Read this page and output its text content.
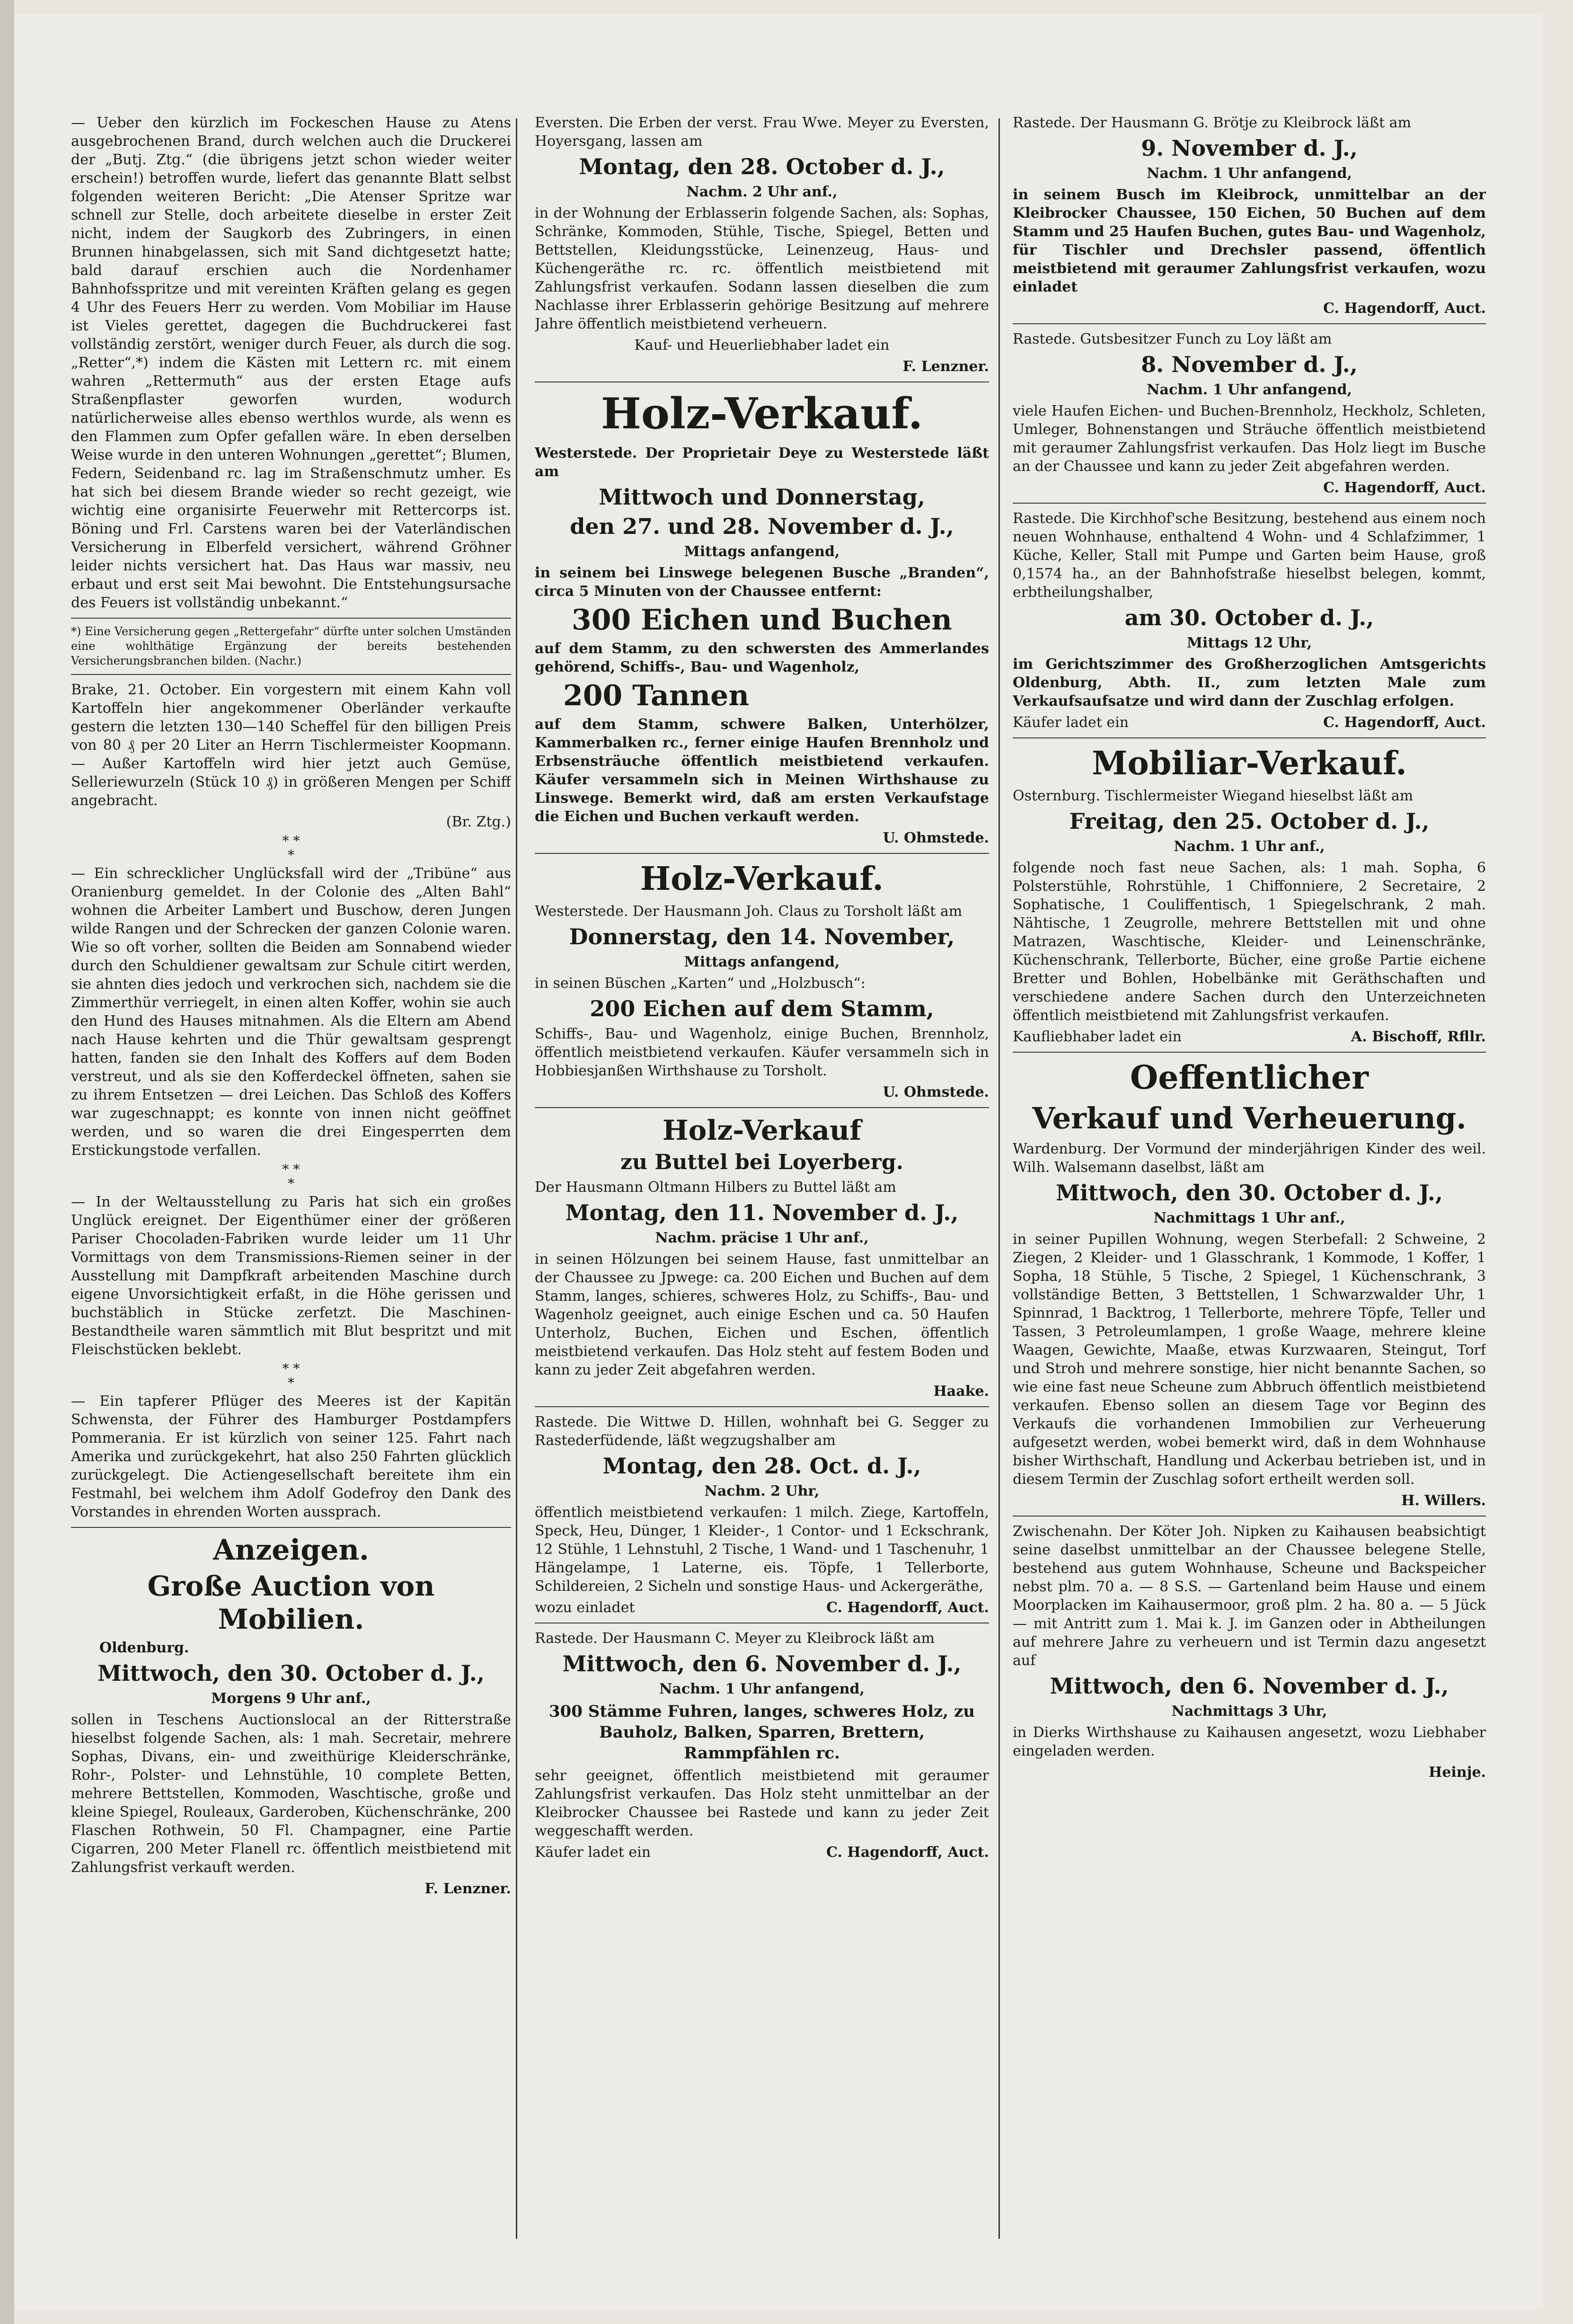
— Ueber den kürzlich im Fockeschen Hause zu Atens ausgebrochenen Brand, durch welchen auch die Druckerei der „Butj. Ztg.“ (die übrigens jetzt schon wieder weiter erschein!) betroffen wurde, liefert das genannte Blatt selbst folgenden weiteren Bericht: „Die Atenser Spritze war schnell zur Stelle, doch arbeitete dieselbe in erster Zeit nicht, indem der Saugkorb des Zubringers, in einen Brunnen hinabgelassen, sich mit Sand dichtgesetzt hatte; bald darauf erschien auch die Nordenhamer Bahnhofsspritze und mit vereinten Kräften gelang es gegen 4 Uhr des Feuers Herr zu werden. Vom Mobiliar im Hause ist Vieles gerettet, dagegen die Buchdruckerei fast vollständig zerstört, weniger durch Feuer, als durch die sog. „Retter“,*) indem die Kästen mit Lettern rc. mit einem wahren „Rettermuth“ aus der ersten Etage aufs Straßenpflaster geworfen wurden, wodurch natürlicherweise alles ebenso werthlos wurde, als wenn es den Flammen zum Opfer gefallen wäre. In eben derselben Weise wurde in den unteren Wohnungen „gerettet“; Blumen, Federn, Seidenband rc. lag im Straßenschmutz umher. Es hat sich bei diesem Brande wieder so recht gezeigt, wie wichtig eine organisirte Feuerwehr mit Rettercorps ist. Böning und Frl. Carstens waren bei der Vaterländischen Versicherung in Elberfeld versichert, während Gröhner leider nichts versichert hat. Das Haus war massiv, neu erbaut und erst seit Mai bewohnt. Die Entstehungsursache des Feuers ist vollständig unbekannt.“

*) Eine Versicherung gegen „Rettergefahr“ dürfte unter solchen Umständen eine wohlthätige Ergänzung der bereits bestehenden Versicherungsbranchen bilden. (Nachr.)

Brake, 21. October. Ein vorgestern mit einem Kahn voll Kartoffeln hier angekommener Oberländer verkaufte gestern die letzten 130—140 Scheffel für den billigen Preis von 80 ₰ per 20 Liter an Herrn Tischlermeister Koopmann. — Außer Kartoffeln wird hier jetzt auch Gemüse, Selleriewurzeln (Stück 10 ₰) in größeren Mengen per Schiff angebracht.

(Br. Ztg.)

* *
*

— Ein schrecklicher Unglücksfall wird der „Tribüne“ aus Oranienburg gemeldet. In der Colonie des „Alten Bahl“ wohnen die Arbeiter Lambert und Buschow, deren Jungen wilde Rangen und der Schrecken der ganzen Colonie waren. Wie so oft vorher, sollten die Beiden am Sonnabend wieder durch den Schuldiener gewaltsam zur Schule citirt werden, sie ahnten dies jedoch und verkrochen sich, nachdem sie die Zimmerthür verriegelt, in einen alten Koffer, wohin sie auch den Hund des Hauses mitnahmen. Als die Eltern am Abend nach Hause kehrten und die Thür gewaltsam gesprengt hatten, fanden sie den Inhalt des Koffers auf dem Boden verstreut, und als sie den Kofferdeckel öffneten, sahen sie zu ihrem Entsetzen — drei Leichen. Das Schloß des Koffers war zugeschnappt; es konnte von innen nicht geöffnet werden, und so waren die drei Eingesperrten dem Erstickungstode verfallen.

* *
*

— In der Weltausstellung zu Paris hat sich ein großes Unglück ereignet. Der Eigenthümer einer der größeren Pariser Chocoladen-Fabriken wurde leider um 11 Uhr Vormittags von dem Transmissions-Riemen seiner in der Ausstellung mit Dampfkraft arbeitenden Maschine durch eigene Unvorsichtigkeit erfaßt, in die Höhe gerissen und buchstäblich in Stücke zerfetzt. Die Maschinen-Bestandtheile waren sämmtlich mit Blut bespritzt und mit Fleischstücken beklebt.

* *
*

— Ein tapferer Pflüger des Meeres ist der Kapitän Schwensta, der Führer des Hamburger Postdampfers Pommerania. Er ist kürzlich von seiner 125. Fahrt nach Amerika und zurückgekehrt, hat also 250 Fahrten glücklich zurückgelegt. Die Actiengesellschaft bereitete ihm ein Festmahl, bei welchem ihm Adolf Godefroy den Dank des Vorstandes in ehrenden Worten aussprach.

Anzeigen.

Große Auction von Mobilien.

Oldenburg.

Mittwoch, den 30. October d. J.,

Morgens 9 Uhr anf.,

sollen in Teschens Auctionslocal an der Ritterstraße hieselbst folgende Sachen, als: 1 mah. Secretair, mehrere Sophas, Divans, ein- und zweithürige Kleiderschränke, Rohr-, Polster- und Lehnstühle, 10 complete Betten, mehrere Bettstellen, Kommoden, Waschtische, große und kleine Spiegel, Rouleaux, Garderoben, Küchenschränke, 200 Flaschen Rothwein, 50 Fl. Champagner, eine Partie Cigarren, 200 Meter Flanell rc. öffentlich meistbietend mit Zahlungsfrist verkauft werden.

F. Lenzner.

Eversten. Die Erben der verst. Frau Wwe. Meyer zu Eversten, Hoyersgang, lassen am

Montag, den 28. October d. J.,

Nachm. 2 Uhr anf.,

in der Wohnung der Erblasserin folgende Sachen, als: Sophas, Schränke, Kommoden, Stühle, Tische, Spiegel, Betten und Bettstellen, Kleidungsstücke, Leinenzeug, Haus- und Küchengeräthe rc. rc. öffentlich meistbietend mit Zahlungsfrist verkaufen. Sodann lassen dieselben die zum Nachlasse ihrer Erblasserin gehörige Besitzung auf mehrere Jahre öffentlich meistbietend verheuern.

Kauf- und Heuerliebhaber ladet ein

F. Lenzner.

Holz-Verkauf.

Westerstede. Der Proprietair Deye zu Westerstede läßt am

Mittwoch und Donnerstag,

den 27. und 28. November d. J.,

Mittags anfangend,

in seinem bei Linswege belegenen Busche „Branden“, circa 5 Minuten von der Chaussee entfernt:

300 Eichen und Buchen

auf dem Stamm, zu den schwersten des Ammerlandes gehörend, Schiffs-, Bau- und Wagenholz,

200 Tannen

auf dem Stamm, schwere Balken, Unterhölzer, Kammerbalken rc., ferner einige Haufen Brennholz und Erbsensträuche öffentlich meistbietend verkaufen. Käufer versammeln sich in Meinen Wirthshause zu Linswege. Bemerkt wird, daß am ersten Verkaufstage die Eichen und Buchen verkauft werden.

U. Ohmstede.

Holz-Verkauf.

Westerstede. Der Hausmann Joh. Claus zu Torsholt läßt am

Donnerstag, den 14. November,

Mittags anfangend,

in seinen Büschen „Karten“ und „Holzbusch“:

200 Eichen auf dem Stamm,

Schiffs-, Bau- und Wagenholz, einige Buchen, Brennholz, öffentlich meistbietend verkaufen. Käufer versammeln sich in Hobbiesjanßen Wirthshause zu Torsholt.

U. Ohmstede.

Holz-Verkauf

zu Buttel bei Loyerberg.

Der Hausmann Oltmann Hilbers zu Buttel läßt am

Montag, den 11. November d. J.,

Nachm. präcise 1 Uhr anf.,

in seinen Hölzungen bei seinem Hause, fast unmittelbar an der Chaussee zu Jpwege: ca. 200 Eichen und Buchen auf dem Stamm, langes, schieres, schweres Holz, zu Schiffs-, Bau- und Wagenholz geeignet, auch einige Eschen und ca. 50 Haufen Unterholz, Buchen, Eichen und Eschen, öffentlich meistbietend verkaufen. Das Holz steht auf festem Boden und kann zu jeder Zeit abgefahren werden.

Haake.

Rastede. Die Wittwe D. Hillen, wohnhaft bei G. Segger zu Rastederfüdende, läßt wegzugshalber am

Montag, den 28. Oct. d. J.,

Nachm. 2 Uhr,

öffentlich meistbietend verkaufen: 1 milch. Ziege, Kartoffeln, Speck, Heu, Dünger, 1 Kleider-, 1 Contor- und 1 Eckschrank, 12 Stühle, 1 Lehnstuhl, 2 Tische, 1 Wand- und 1 Taschenuhr, 1 Hängelampe, 1 Laterne, eis. Töpfe, 1 Tellerborte, Schildereien, 2 Sicheln und sonstige Haus- und Ackergeräthe,

wozu einladet	C. Hagendorff, Auct.

Rastede. Der Hausmann C. Meyer zu Kleibrock läßt am

Mittwoch, den 6. November d. J.,

Nachm. 1 Uhr anfangend,

300 Stämme Fuhren, langes, schweres Holz, zu Bauholz, Balken, Sparren, Brettern, Rammpfählen rc.

sehr geeignet, öffentlich meistbietend mit geraumer Zahlungsfrist verkaufen. Das Holz steht unmittelbar an der Kleibrocker Chaussee bei Rastede und kann zu jeder Zeit weggeschafft werden.

Käufer ladet ein	C. Hagendorff, Auct.

Rastede. Der Hausmann G. Brötje zu Kleibrock läßt am

9. November d. J.,

Nachm. 1 Uhr anfangend,

in seinem Busch im Kleibrock, unmittelbar an der Kleibrocker Chaussee, 150 Eichen, 50 Buchen auf dem Stamm und 25 Haufen Buchen, gutes Bau- und Wagenholz, für Tischler und Drechsler passend, öffentlich meistbietend mit geraumer Zahlungsfrist verkaufen, wozu einladet

C. Hagendorff, Auct.

Rastede. Gutsbesitzer Funch zu Loy läßt am

8. November d. J.,

Nachm. 1 Uhr anfangend,

viele Haufen Eichen- und Buchen-Brennholz, Heckholz, Schleten, Umleger, Bohnenstangen und Sträuche öffentlich meistbietend mit geraumer Zahlungsfrist verkaufen. Das Holz liegt im Busche an der Chaussee und kann zu jeder Zeit abgefahren werden.

C. Hagendorff, Auct.

Rastede. Die Kirchhof'sche Besitzung, bestehend aus einem noch neuen Wohnhause, enthaltend 4 Wohn- und 4 Schlafzimmer, 1 Küche, Keller, Stall mit Pumpe und Garten beim Hause, groß 0,1574 ha., an der Bahnhofstraße hieselbst belegen, kommt, erbtheilungshalber,

am 30. October d. J.,

Mittags 12 Uhr,

im Gerichtszimmer des Großherzoglichen Amtsgerichts Oldenburg, Abth. II., zum letzten Male zum Verkaufsaufsatze und wird dann der Zuschlag erfolgen.

Käufer ladet ein	C. Hagendorff, Auct.

Mobiliar-Verkauf.

Osternburg. Tischlermeister Wiegand hieselbst läßt am

Freitag, den 25. October d. J.,

Nachm. 1 Uhr anf.,

folgende noch fast neue Sachen, als: 1 mah. Sopha, 6 Polsterstühle, Rohrstühle, 1 Chiffonniere, 2 Secretaire, 2 Sophatische, 1 Couliffentisch, 1 Spiegelschrank, 2 mah. Nähtische, 1 Zeugrolle, mehrere Bettstellen mit und ohne Matrazen, Waschtische, Kleider- und Leinenschränke, Küchenschrank, Tellerborte, Bücher, eine große Partie eichene Bretter und Bohlen, Hobelbänke mit Geräthschaften und verschiedene andere Sachen durch den Unterzeichneten öffentlich meistbietend mit Zahlungsfrist verkaufen.

Kaufliebhaber ladet ein	A. Bischoff, Rfllr.

Oeffentlicher

Verkauf und Verheuerung.

Wardenburg. Der Vormund der minderjährigen Kinder des weil. Wilh. Walsemann daselbst, läßt am

Mittwoch, den 30. October d. J.,

Nachmittags 1 Uhr anf.,

in seiner Pupillen Wohnung, wegen Sterbefall: 2 Schweine, 2 Ziegen, 2 Kleider- und 1 Glasschrank, 1 Kommode, 1 Koffer, 1 Sopha, 18 Stühle, 5 Tische, 2 Spiegel, 1 Küchenschrank, 3 vollständige Betten, 3 Bettstellen, 1 Schwarzwalder Uhr, 1 Spinnrad, 1 Backtrog, 1 Tellerborte, mehrere Töpfe, Teller und Tassen, 3 Petroleumlampen, 1 große Waage, mehrere kleine Waagen, Gewichte, Maaße, etwas Kurzwaaren, Steingut, Torf und Stroh und mehrere sonstige, hier nicht benannte Sachen, so wie eine fast neue Scheune zum Abbruch öffentlich meistbietend verkaufen. Ebenso sollen an diesem Tage vor Beginn des Verkaufs die vorhandenen Immobilien zur Verheuerung aufgesetzt werden, wobei bemerkt wird, daß in dem Wohnhause bisher Wirthschaft, Handlung und Ackerbau betrieben ist, und in diesem Termin der Zuschlag sofort ertheilt werden soll.

H. Willers.

Zwischenahn. Der Köter Joh. Nipken zu Kaihausen beabsichtigt seine daselbst unmittelbar an der Chaussee belegene Stelle, bestehend aus gutem Wohnhause, Scheune und Backspeicher nebst plm. 70 a. — 8 S.S. — Gartenland beim Hause und einem Moorplacken im Kaihausermoor, groß plm. 2 ha. 80 a. — 5 Jück — mit Antritt zum 1. Mai k. J. im Ganzen oder in Abtheilungen auf mehrere Jahre zu verheuern und ist Termin dazu angesetzt auf

Mittwoch, den 6. November d. J.,

Nachmittags 3 Uhr,

in Dierks Wirthshause zu Kaihausen angesetzt, wozu Liebhaber eingeladen werden.

Heinje.
